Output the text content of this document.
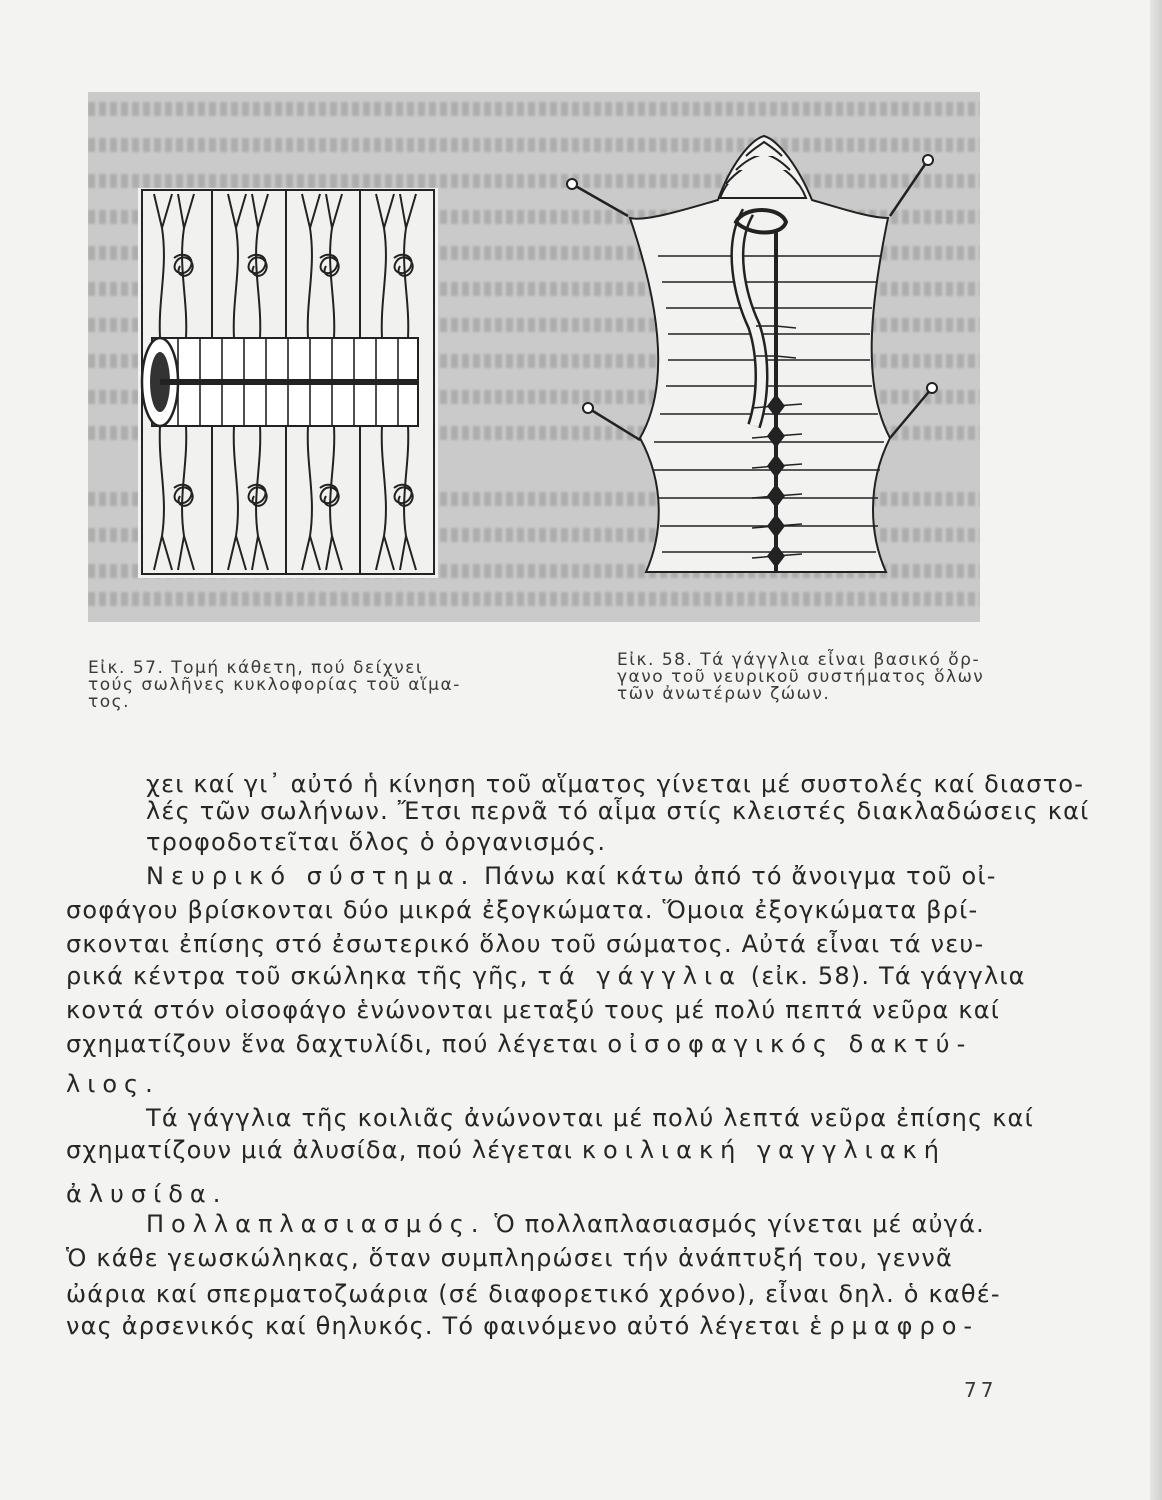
Εἰκ. 57. Τομή κάθετη, πού δείχνει
τούς σωλῆνες κυκλοφορίας τοῦ αἵμα-
τος.
Εἰκ. 58. Τά γάγγλια εἶναι βασικό ὄρ-
γανο τοῦ νευρικοῦ συστήματος ὅλων
τῶν ἀνωτέρων ζώων.
χει καί γι᾽ αὐτό ἡ κίνηση τοῦ αἵματος γίνεται μέ συστολές καί διαστο-
λές τῶν σωλήνων. Ἔτσι περνᾶ τό αἷμα στίς κλειστές διακλαδώσεις καί
τροφοδοτεῖται ὅλος ὁ ὀργανισμός.
Νευρικό σύστημα. Πάνω καί κάτω ἀπό τό ἄνοιγμα τοῦ οἰ-
σοφάγου βρίσκονται δύο μικρά ἐξογκώματα. Ὅμοια ἐξογκώματα βρί-
σκονται ἐπίσης στό ἐσωτερικό ὅλου τοῦ σώματος. Αὐτά εἶναι τά νευ-
ρικά κέντρα τοῦ σκώληκα τῆς γῆς, τά γάγγλια (εἰκ. 58). Τά γάγγλια
κοντά στόν οἰσοφάγο ἑνώνονται μεταξύ τους μέ πολύ πεπτά νεῦρα καί
σχηματίζουν ἕνα δαχτυλίδι, πού λέγεται οἰσοφαγικός δακτύ-
λιος.
Τά γάγγλια τῆς κοιλιᾶς ἀνώνονται μέ πολύ λεπτά νεῦρα ἐπίσης καί
σχηματίζουν μιά ἀλυσίδα, πού λέγεται κοιλιακή γαγγλιακή
ἀλυσίδα.
Πολλαπλασιασμός. Ὁ πολλαπλασιασμός γίνεται μέ αὐγά.
Ὁ κάθε γεωσκώληκας, ὅταν συμπληρώσει τήν ἀνάπτυξή του, γεννᾶ
ὠάρια καί σπερματοζωάρια (σέ διαφορετικό χρόνο), εἶναι δηλ. ὁ καθέ-
νας ἀρσενικός καί θηλυκός. Τό φαινόμενο αὐτό λέγεται ἑρμαφρο-
77
